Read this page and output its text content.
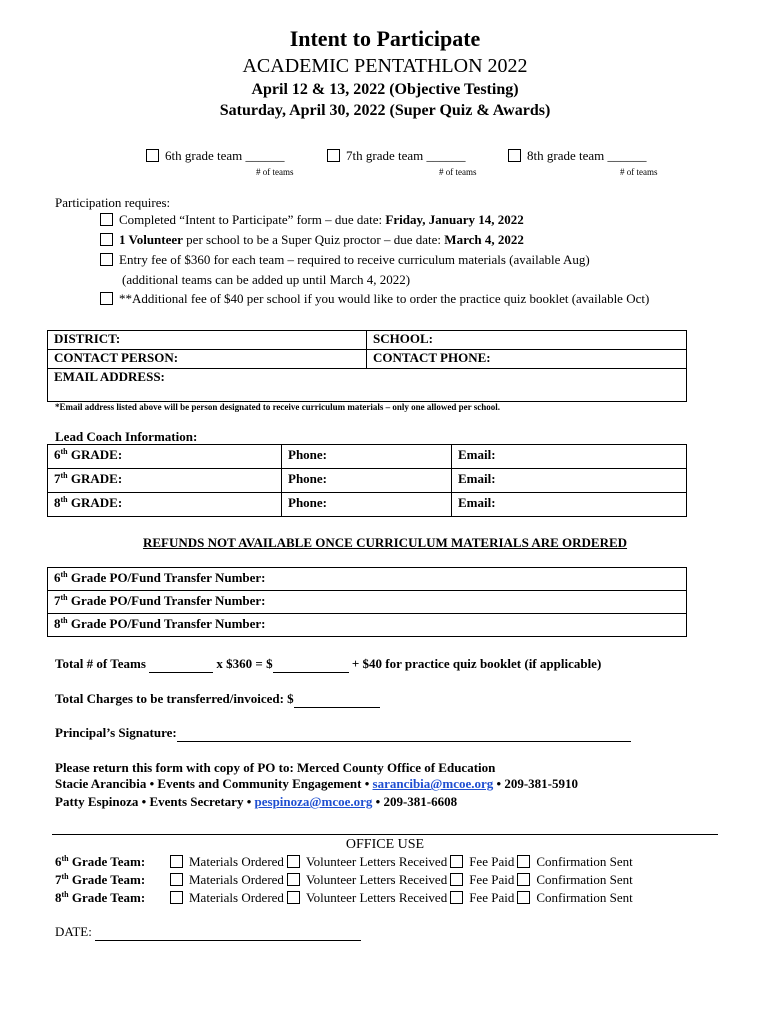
Intent to Participate
ACADEMIC PENTATHLON 2022
April 12 & 13, 2022 (Objective Testing)
Saturday, April 30, 2022 (Super Quiz & Awards)
6th grade team ______
# of teams
7th grade team ______
# of teams
8th grade team ______
# of teams
Participation requires:
Completed “Intent to Participate” form – due date: Friday, January 14, 2022
1 Volunteer per school to be a Super Quiz proctor – due date: March 4, 2022
Entry fee of $360 for each team – required to receive curriculum materials (available Aug)
(additional teams can be added up until March 4, 2022)
**Additional fee of $40 per school if you would like to order the practice quiz booklet (available Oct)
DISTRICT:	SCHOOL:
CONTACT PERSON:	CONTACT PHONE:
EMAIL ADDRESS:	
*Email address listed above will be person designated to receive curriculum materials – only one allowed per school.
Lead Coach Information:
6th GRADE:	Phone:	Email:
7th GRADE:	Phone:	Email:
8th GRADE:	Phone:	Email:
REFUNDS NOT AVAILABLE ONCE CURRICULUM MATERIALS ARE ORDERED
6th Grade PO/Fund Transfer Number:
7th Grade PO/Fund Transfer Number:
8th Grade PO/Fund Transfer Number:
Total # of Teams	x $360 = $	+ $40 for practice quiz booklet (if applicable)
Total Charges to be transferred/invoiced: $
Principal’s Signature:
Please return this form with copy of PO to: Merced County Office of Education
Stacie Arancibia • Events and Community Engagement • sarancibia@mcoe.org • 209-381-5910
Patty Espinoza • Events Secretary • pespinoza@mcoe.org • 209-381-6608
OFFICE USE
6th Grade Team:	Materials Ordered	Volunteer Letters Received	Fee Paid	Confirmation Sent
7th Grade Team:	Materials Ordered	Volunteer Letters Received	Fee Paid	Confirmation Sent
8th Grade Team:	Materials Ordered	Volunteer Letters Received	Fee Paid	Confirmation Sent
DATE:
